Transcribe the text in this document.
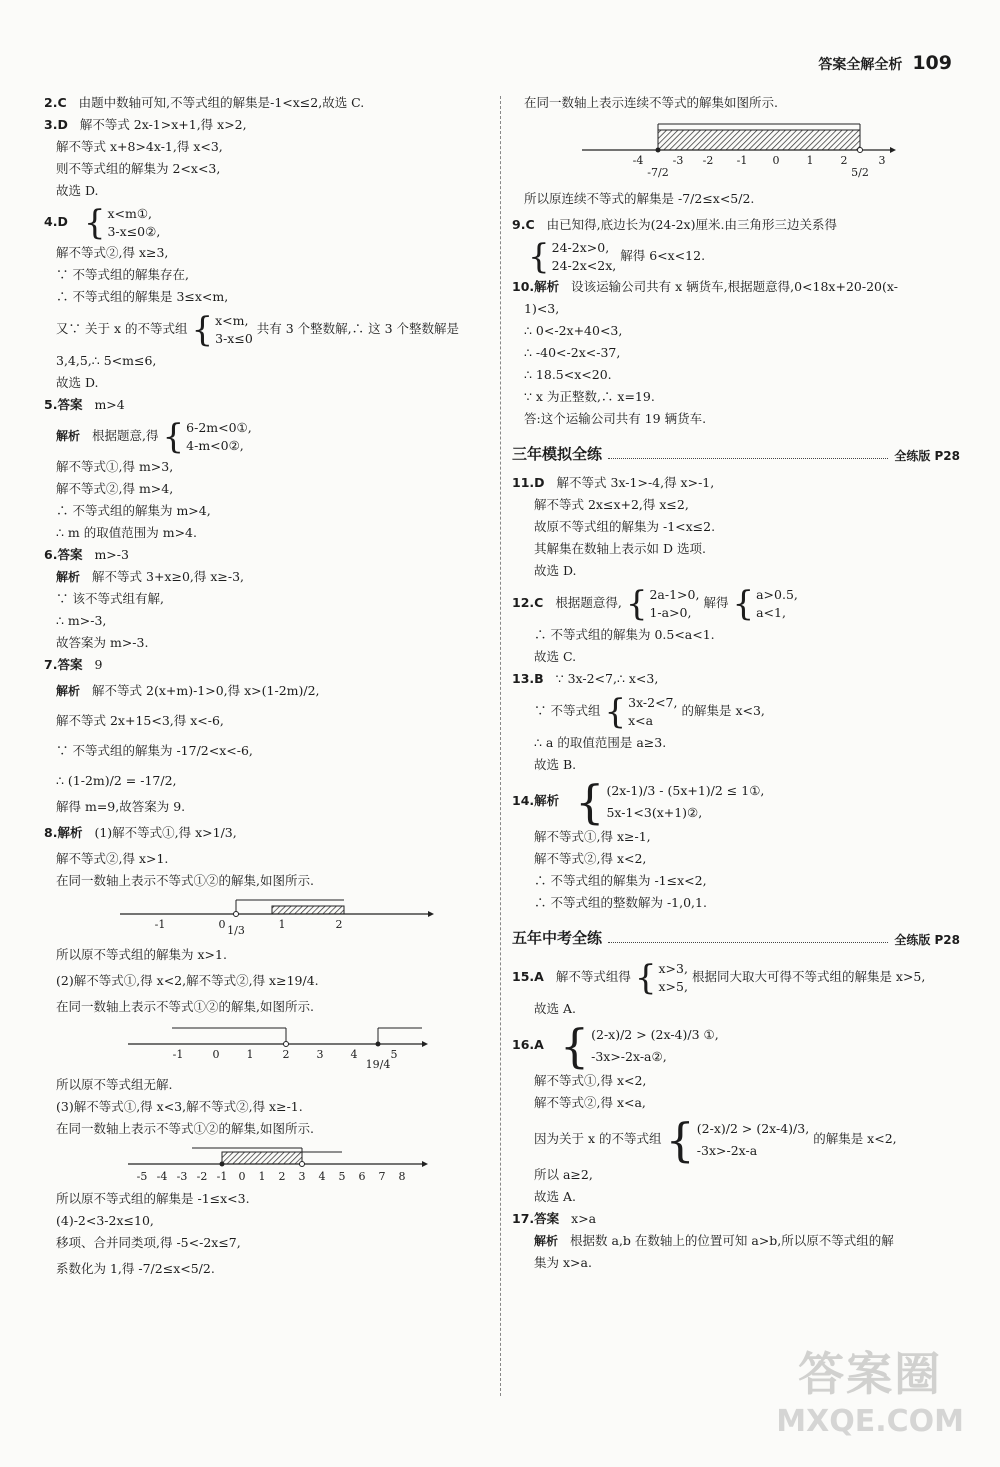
答案全解全析 109
2.C 由题中数轴可知,不等式组的解集是-1<x≤2,故选 C.
3.D 解不等式 2x-1>x+1,得 x>2,
解不等式 x+8>4x-1,得 x<3,
则不等式组的解集为 2<x<3,
故选 D.
4.D { x<m①,
3-x≤0②,
解不等式②,得 x≥3,
∵ 不等式组的解集存在,
∴ 不等式组的解集是 3≤x<m,
又∵ 关于 x 的不等式组 { x<m,
3-x≤0
共有 3 个整数解,∴ 这 3 个整数解是
3,4,5,∴ 5<m≤6,
故选 D.
5.答案 m>4
解析 根据题意,得 { 6-2m<0①,
4-m<0②,
解不等式①,得 m>3,
解不等式②,得 m>4,
∴ 不等式组的解集为 m>4,
∴ m 的取值范围为 m>4.
6.答案 m>-3
解析 解不等式 3+x≥0,得 x≥-3,
∵ 该不等式组有解,
∴ m>-3,
故答案为 m>-3.
7.答案 9
解析 解不等式 2(x+m)-1>0,得 x>(1-2m)/2,
解不等式 2x+15<3,得 x<-6,
∵ 不等式组的解集为 -17/2<x<-6,
∴ (1-2m)/2 = -17/2,
解得 m=9,故答案为 9.
8.解析 (1)解不等式①,得 x>1/3,
解不等式②,得 x>1.
在同一数轴上表示不等式①②的解集,如图所示.
-1	0	1	2
1/3
所以原不等式组的解集为 x>1.
(2)解不等式①,得 x<2,解不等式②,得 x≥19/4.
在同一数轴上表示不等式①②的解集,如图所示.
-1	0 1	2 3 4	5
19/4
所以原不等式组无解.
(3)解不等式①,得 x<3,解不等式②,得 x≥-1.
在同一数轴上表示不等式①②的解集,如图所示.
-5 -4 -3 -2 -1 0 1 2 3 4 5 6 7 8
所以原不等式组的解集是 -1≤x<3.
(4)-2<3-2x≤10,
移项、合并同类项,得 -5<-2x≤7,
系数化为 1,得 -7/2≤x<5/2.
在同一数轴上表示连续不等式的解集如图所示.
-4	-3 -2 -1 0 1 2	3
-7/2	5/2
所以原连续不等式的解集是 -7/2≤x<5/2.
9.C 由已知得,底边长为(24-2x)厘米.由三角形三边关系得
{ 24-2x>0,
24-2x<2x,
解得 6<x<12.
10.解析 设该运输公司共有 x 辆货车,根据题意得,0<18x+20-20(x-
1)<3,
∴ 0<-2x+40<3,
∴ -40<-2x<-37,
∴ 18.5<x<20.
∵ x 为正整数,∴ x=19.
答:这个运输公司共有 19 辆货车.
三年模拟全练	全练版 P28
11.D 解不等式 3x-1>-4,得 x>-1,
解不等式 2x≤x+2,得 x≤2,
故原不等式组的解集为 -1<x≤2.
其解集在数轴上表示如 D 选项.
故选 D.
12.C 根据题意得, { 2a-1>0,
1-a>0,
解得 { a>0.5,
a<1,
∴ 不等式组的解集为 0.5<a<1.
故选 C.
13.B ∵ 3x-2<7,∴ x<3,
∵ 不等式组 { 3x-2<7,
x<a
的解集是 x<3,
∴ a 的取值范围是 a≥3.
故选 B.
14.解析 { (2x-1)/3 - (5x+1)/2 ≤ 1①,
5x-1<3(x+1)②,
解不等式①,得 x≥-1,
解不等式②,得 x<2,
∴ 不等式组的解集为 -1≤x<2,
∴ 不等式组的整数解为 -1,0,1.
五年中考全练	全练版 P28
15.A 解不等式组得 { x>3,
x>5,
根据同大取大可得不等式组的解集是 x>5,
故选 A.
16.A { (2-x)/2 > (2x-4)/3 ①,
-3x>-2x-a②,
解不等式①,得 x<2,
解不等式②,得 x<a,
因为关于 x 的不等式组 { (2-x)/2 > (2x-4)/3,
-3x>-2x-a
的解集是 x<2,
所以 a≥2,
故选 A.
17.答案 x>a
解析 根据数 a,b 在数轴上的位置可知 a>b,所以原不等式组的解
集为 x>a.
答案圈
MXQE.COM
